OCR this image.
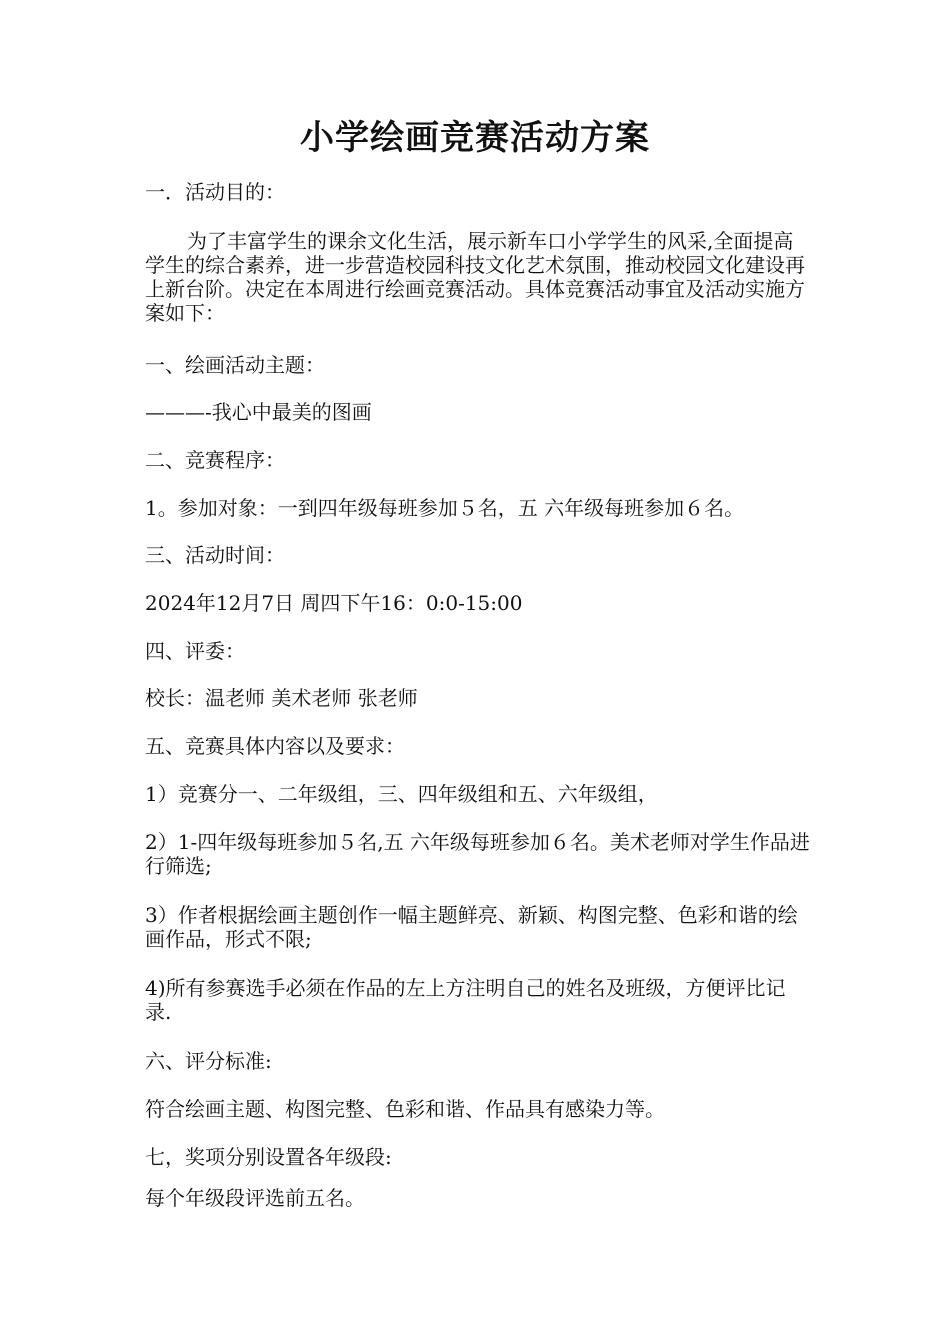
小学绘画竞赛活动方案

一．活动目的：

为了丰富学生的课余文化生活，展示新车口小学学生的风采,全面提高学生的综合素养，进一步营造校园科技文化艺术氛围，推动校园文化建设再上新台阶。决定在本周进行绘画竞赛活动。具体竞赛活动事宜及活动实施方案如下：

一、绘画活动主题：

———-我心中最美的图画

二、竞赛程序：

1。参加对象：一到四年级每班参加５名，五 六年级每班参加６名。

三、活动时间：

2024年12月7日 周四下午16：0:0-15:00

四、评委：

校长：温老师 美术老师 张老师

五、竞赛具体内容以及要求：

1）竞赛分一、二年级组，三、四年级组和五、六年级组，

2）1-四年级每班参加５名,五 六年级每班参加６名。美术老师对学生作品进行筛选;

3）作者根据绘画主题创作一幅主题鲜亮、新颖、构图完整、色彩和谐的绘画作品，形式不限;

4)所有参赛选手必须在作品的左上方注明自己的姓名及班级，方便评比记录.

六、评分标准:

符合绘画主题、构图完整、色彩和谐、作品具有感染力等。

七，奖项分别设置各年级段:

每个年级段评选前五名。
